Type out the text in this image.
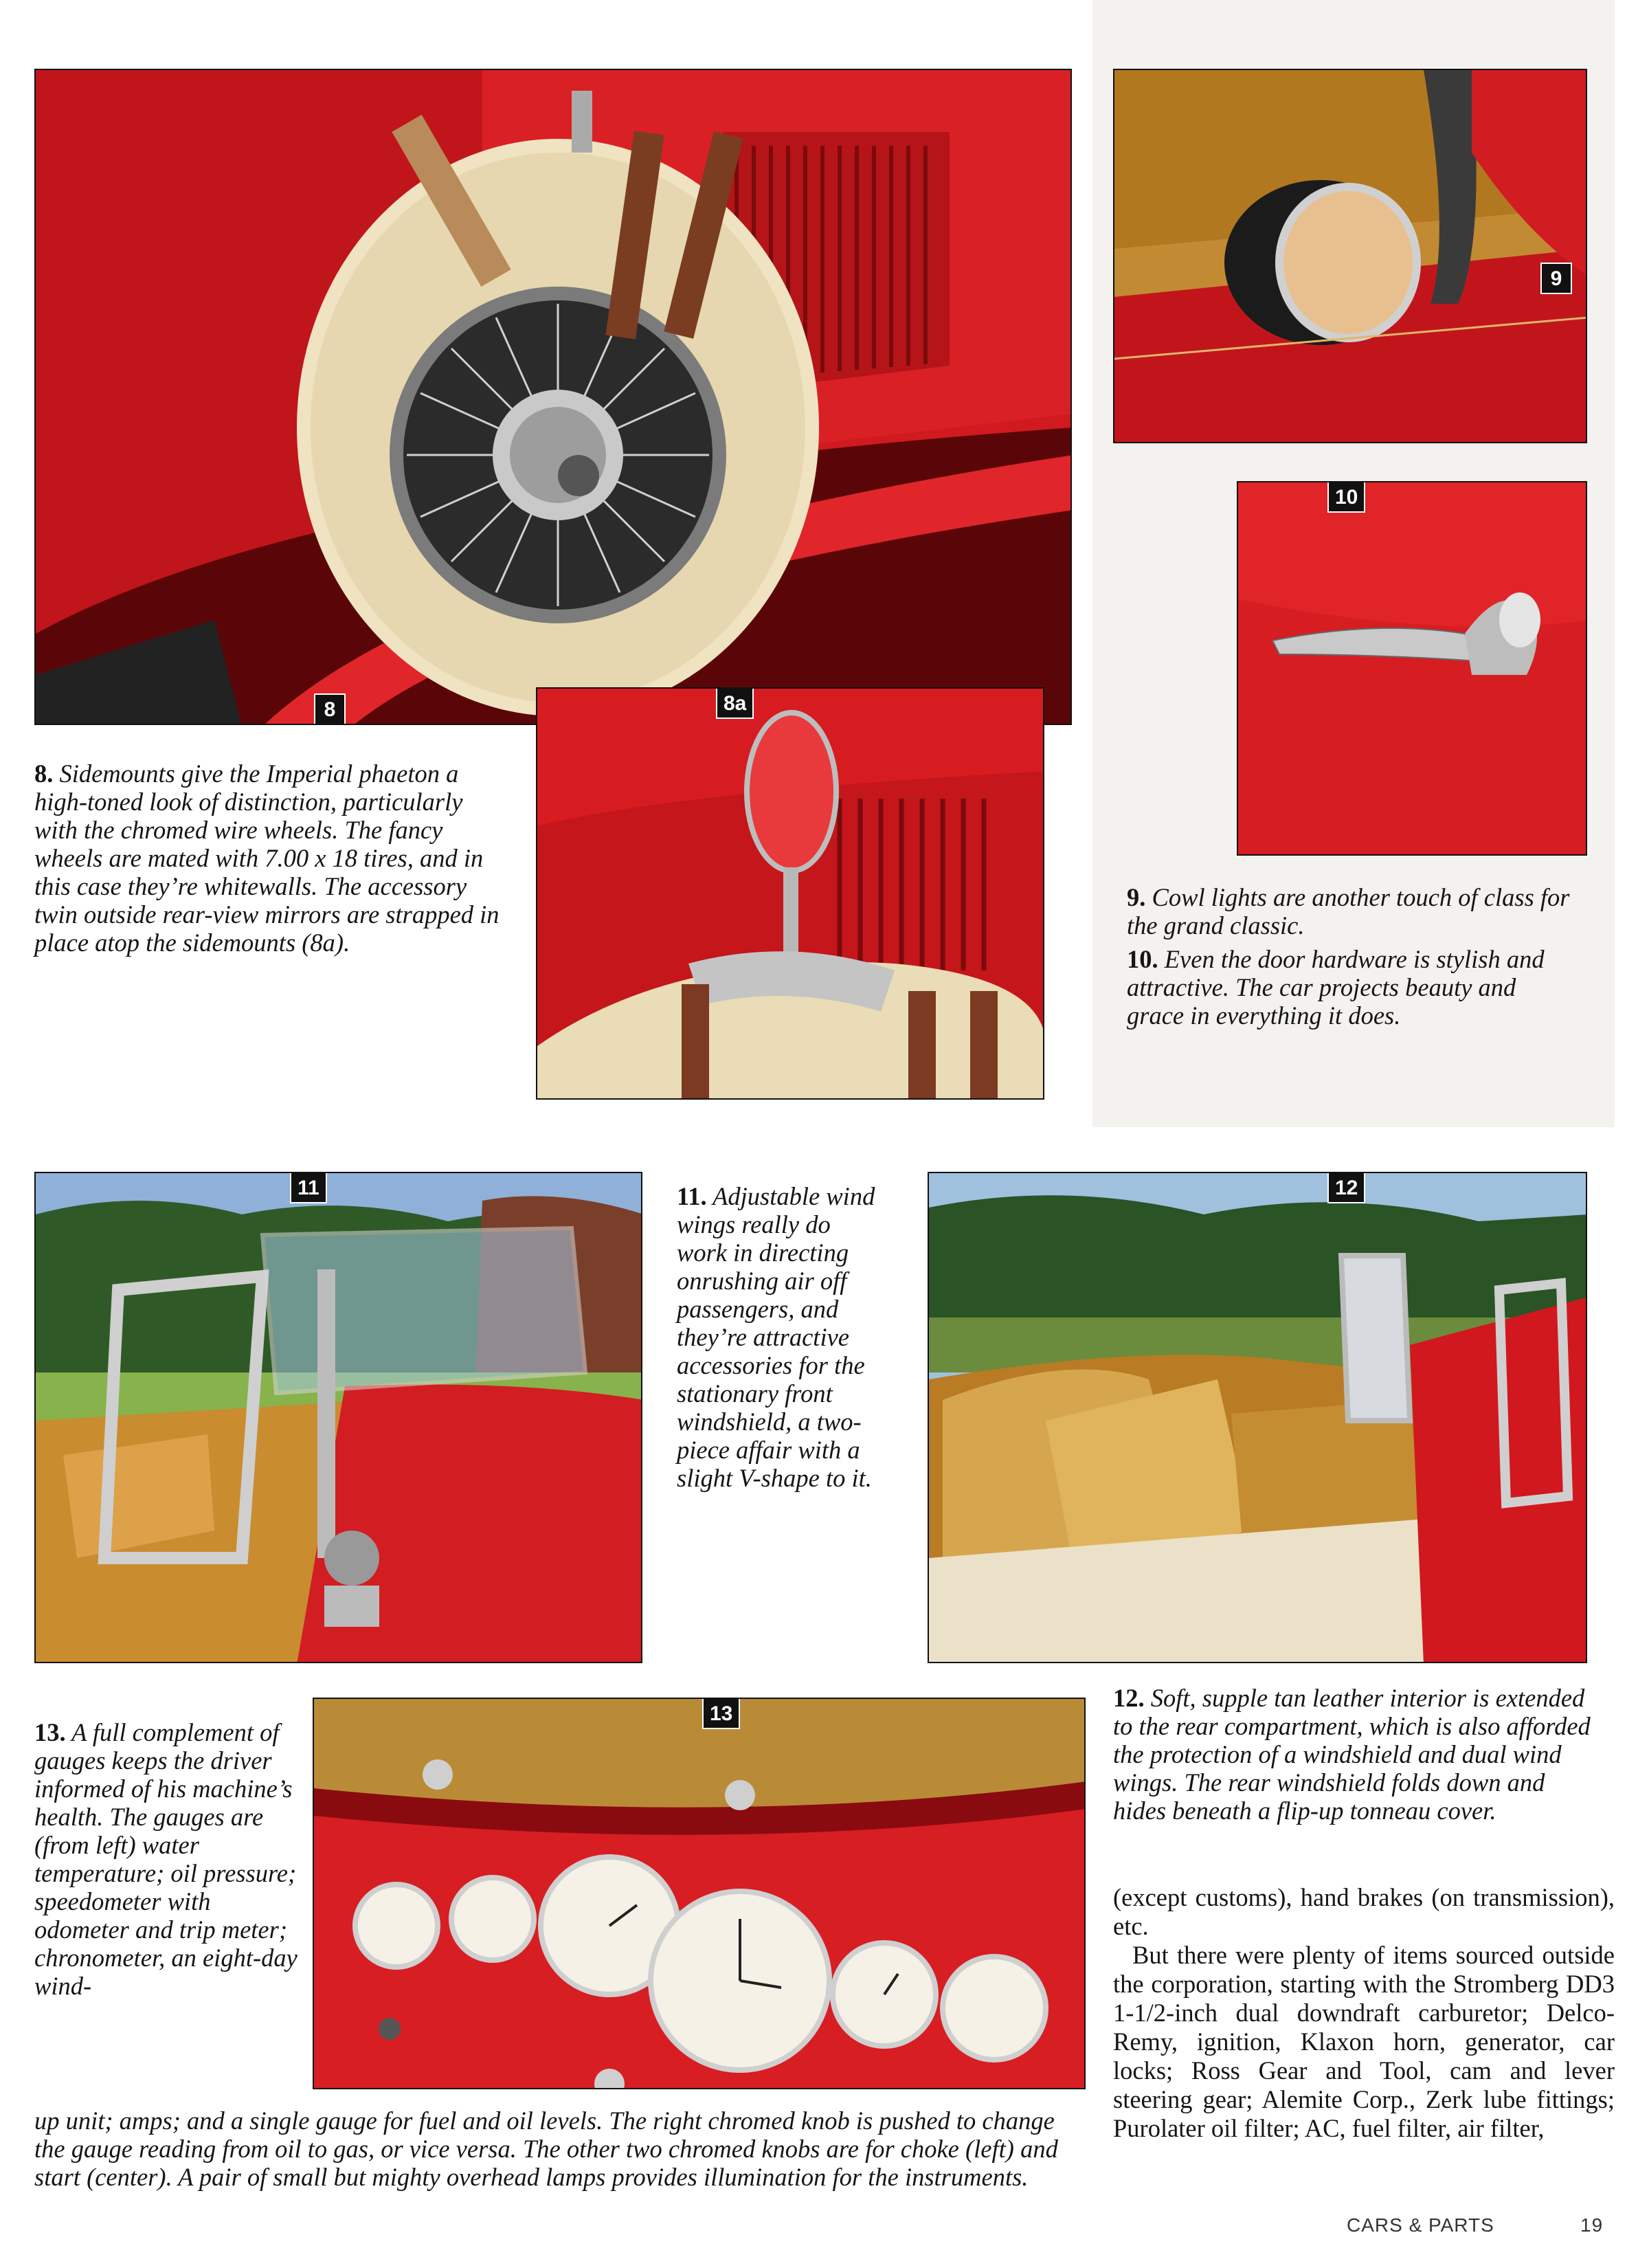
8	8a
9
10
11	12
13
8. Sidemounts give the Imperial phaeton a high-toned look of distinction, particularly with the chromed wire wheels. The fancy wheels are mated with 7.00 x 18 tires, and in this case they’re whitewalls. The accessory twin outside rear-view mirrors are strapped in place atop the sidemounts (8a).
9. Cowl lights are another touch of class for the grand classic.
10. Even the door hardware is stylish and attractive. The car projects beauty and grace in everything it does.
11. Adjustable wind wings really do work in directing onrushing air off passengers, and they’re attractive accessories for the stationary front windshield, a two-piece affair with a slight V-shape to it.
12. Soft, supple tan leather interior is extended to the rear compartment, which is also afforded the protection of a windshield and dual wind wings. The rear windshield folds down and hides beneath a flip-up tonneau cover.
13. A full complement of gauges keeps the driver informed of his machine’s health. The gauges are (from left) water temperature; oil pressure; speedometer with odometer and trip meter; chronometer, an eight-day wind-
up unit; amps; and a single gauge for fuel and oil levels. The right chromed knob is pushed to change the gauge reading from oil to gas, or vice versa. The other two chromed knobs are for choke (left) and start (center). A pair of small but mighty overhead lamps provides illumination for the instruments.

(except customs), hand brakes (on transmission), etc.

But there were plenty of items sourced outside the corporation, starting with the Stromberg DD3 1-1/2-inch dual downdraft carburetor; Delco-Remy, ignition, Klaxon horn, generator, car locks; Ross Gear and Tool, cam and lever steering gear; Alemite Corp., Zerk lube fittings; Purolater oil filter; AC, fuel filter, air filter,

CARS & PARTS	19
